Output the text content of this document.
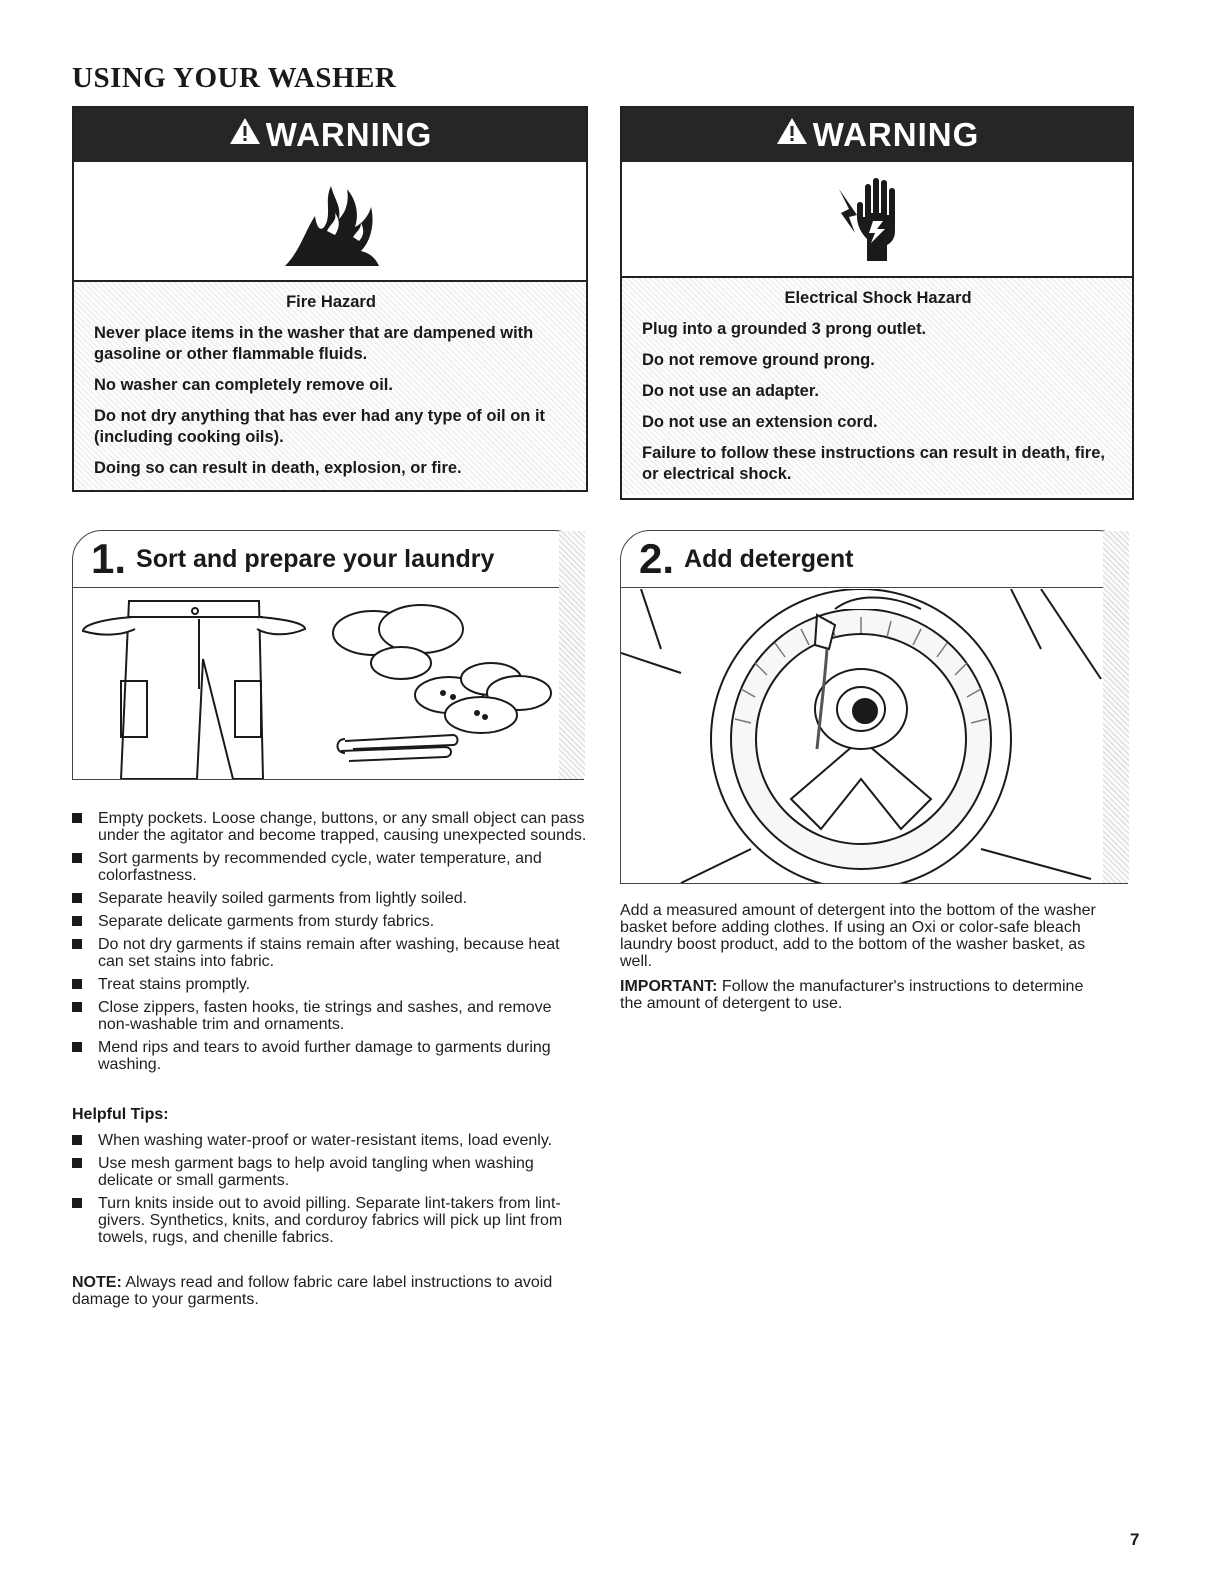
USING YOUR WASHER
WARNING
Fire Hazard

Never place items in the washer that are dampened with gasoline or other flammable fluids.

No washer can completely remove oil.

Do not dry anything that has ever had any type of oil on it (including cooking oils).

Doing so can result in death, explosion, or fire.

WARNING
Electrical Shock Hazard

Plug into a grounded 3 prong outlet.

Do not remove ground prong.

Do not use an adapter.

Do not use an extension cord.

Failure to follow these instructions can result in death, fire, or electrical shock.

1. Sort and prepare your laundry	2. Add detergent
Empty pockets. Loose change, buttons, or any small object can pass under the agitator and become trapped, causing unexpected sounds.
Sort garments by recommended cycle, water temperature, and colorfastness.
Separate heavily soiled garments from lightly soiled.
Separate delicate garments from sturdy fabrics.
Do not dry garments if stains remain after washing, because heat can set stains into fabric.
Treat stains promptly.
Close zippers, fasten hooks, tie strings and sashes, and remove non-washable trim and ornaments.
Mend rips and tears to avoid further damage to garments during washing.
Helpful Tips:
When washing water-proof or water-resistant items, load evenly.
Use mesh garment bags to help avoid tangling when washing delicate or small garments.
Turn knits inside out to avoid pilling. Separate lint-takers from lint-givers. Synthetics, knits, and corduroy fabrics will pick up lint from towels, rugs, and chenille fabrics.
NOTE: Always read and follow fabric care label instructions to avoid damage to your garments.
Add a measured amount of detergent into the bottom of the washer basket before adding clothes. If using an Oxi or color-safe bleach laundry boost product, add to the bottom of the washer basket, as well.
IMPORTANT: Follow the manufacturer's instructions to determine the amount of detergent to use.
7
